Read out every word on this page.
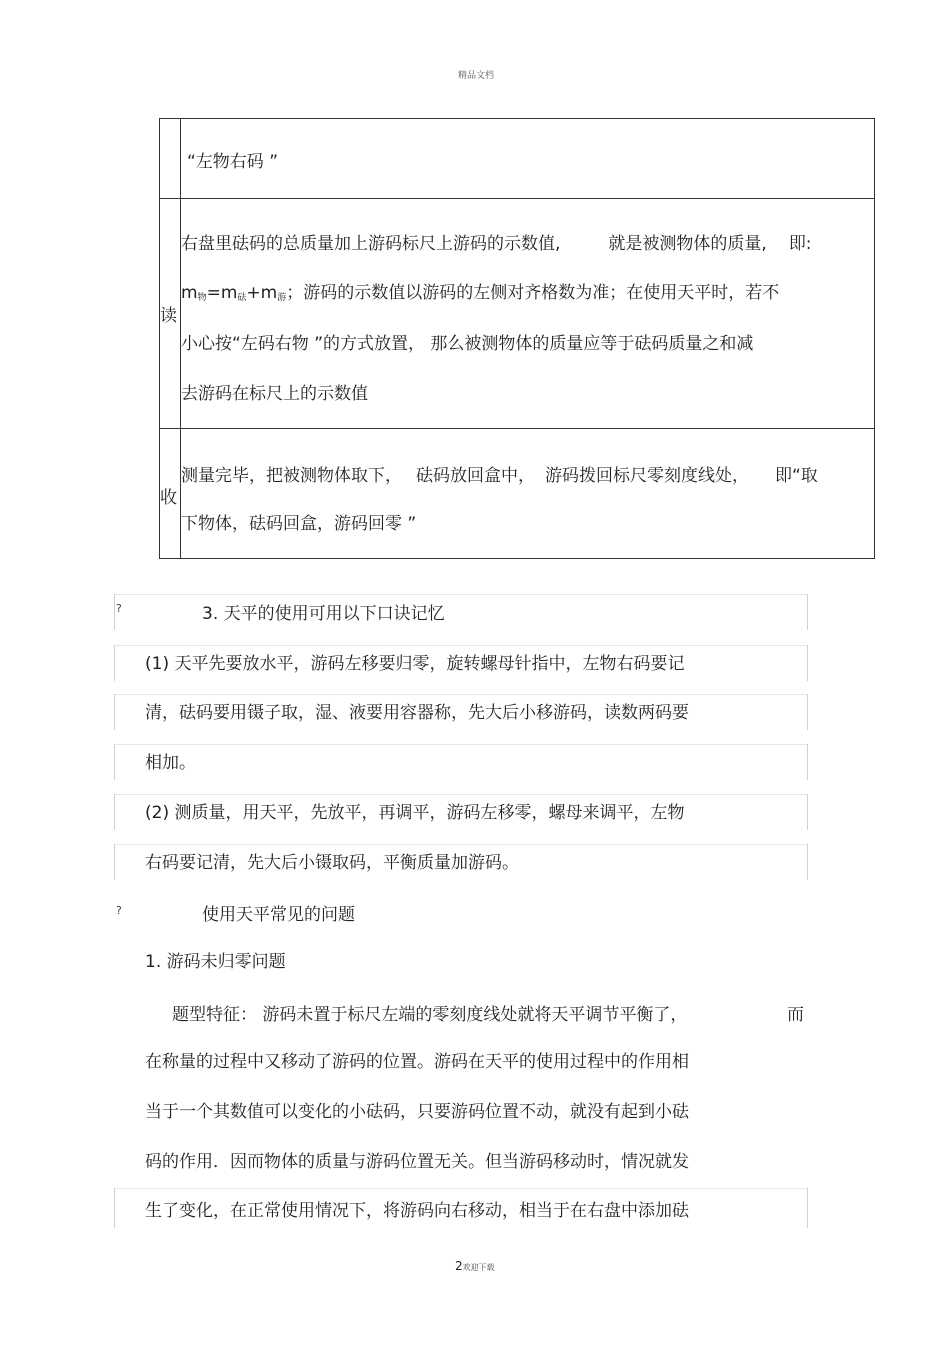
精品文档

	“左物右码 ”

读	右盘里砝码的总质量加上游码标尺上游码的示数值, 就是被测物体的质量, 即:
$m_物=m_砝+m_游$；游码的示数值以游码的左侧对齐格数为准；在使用天平时，若不
小心按“左码右物 ”的方式放置， 那么被测物体的质量应等于砝码质量之和减
去游码在标尺上的示数值

收	测量完毕，把被测物体取下， 砝码放回盒中， 游码拨回标尺零刻度线处， 即“取
下物体，砝码回盒，游码回零 ”
?	3. 天平的使用可用以下口诀记忆
(1) 天平先要放水平，游码左移要归零，旋转螺母针指中，左物右码要记
清，砝码要用镊子取，湿、液要用容器称，先大后小移游码，读数两码要
相加。
(2) 测质量，用天平，先放平，再调平，游码左移零，螺母来调平，左物
右码要记清，先大后小镊取码，平衡质量加游码。
?	使用天平常见的问题
1. 游码未归零问题
题型特征： 游码未置于标尺左端的零刻度线处就将天平调节平衡了，	而
在称量的过程中又移动了游码的位置。游码在天平的使用过程中的作用相
当于一个其数值可以变化的小砝码，只要游码位置不动，就没有起到小砝
码的作用．因而物体的质量与游码位置无关。但当游码移动时，情况就发
生了变化，在正常使用情况下，将游码向右移动，相当于在右盘中添加砝
2欢迎下载
